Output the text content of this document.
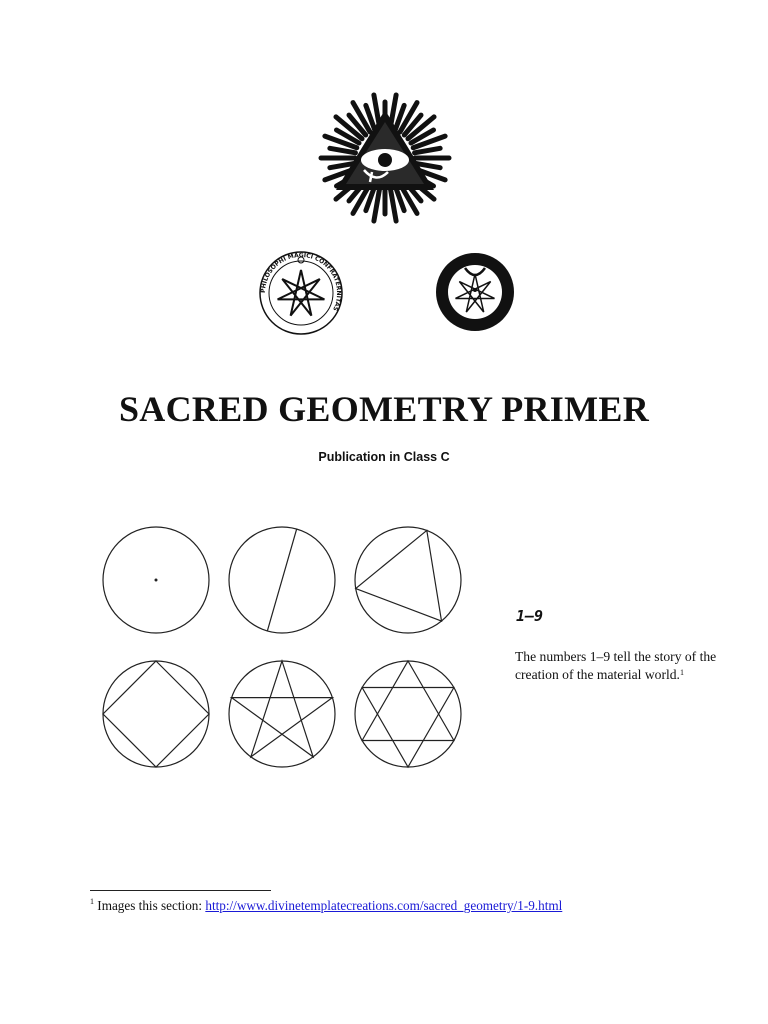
PHILOSOPHI MAGICI CONFRATERNITAS
SACRED GEOMETRY PRIMER
Publication in Class C
1–9
The numbers 1–9 tell the story of the creation of the material world.$^1$
$^1$ Images this section: http://www.divinetemplatecreations.com/sacred_geometry/1-9.html
